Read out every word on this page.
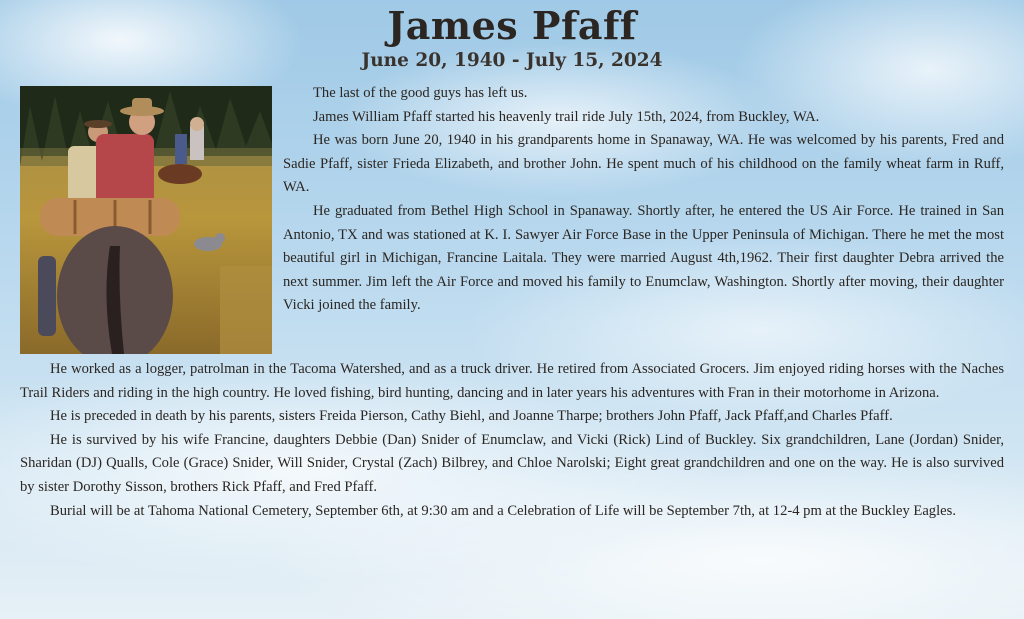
James Pfaff
June 20, 1940 - July 15, 2024

The last of the good guys has left us.

James William Pfaff started his heavenly trail ride July 15th, 2024, from Buckley, WA.

He was born June 20, 1940 in his grandparents home in Spanaway, WA. He was welcomed by his parents, Fred and Sadie Pfaff, sister Frieda Elizabeth, and brother John. He spent much of his childhood on the family wheat farm in Ruff, WA.

He graduated from Bethel High School in Spanaway. Shortly after, he entered the US Air Force. He trained in San Antonio, TX and was stationed at K. I. Sawyer Air Force Base in the Upper Peninsula of Michigan. There he met the most beautiful girl in Michigan, Francine Laitala. They were married August 4th,1962. Their first daughter Debra arrived the next summer. Jim left the Air Force and moved his family to Enumclaw, Washington. Shortly after moving, their daughter Vicki joined the family.

He worked as a logger, patrolman in the Tacoma Watershed, and as a truck driver. He retired from Associated Grocers. Jim enjoyed riding horses with the Naches Trail Riders and riding in the high country. He loved fishing, bird hunting, dancing and in later years his adventures with Fran in their motorhome in Arizona.

He is preceded in death by his parents, sisters Freida Pierson, Cathy Biehl, and Joanne Tharpe; brothers John Pfaff, Jack Pfaff,and Charles Pfaff.

He is survived by his wife Francine, daughters Debbie (Dan) Snider of Enumclaw, and Vicki (Rick) Lind of Buckley. Six grandchildren, Lane (Jordan) Snider, Sharidan (DJ) Qualls, Cole (Grace) Snider, Will Snider, Crystal (Zach) Bilbrey, and Chloe Narolski; Eight great grandchildren and one on the way. He is also survived by sister Dorothy Sisson, brothers Rick Pfaff, and Fred Pfaff.

Burial will be at Tahoma National Cemetery, September 6th, at 9:30 am and a Celebration of Life will be September 7th, at 12-4 pm at the Buckley Eagles.
